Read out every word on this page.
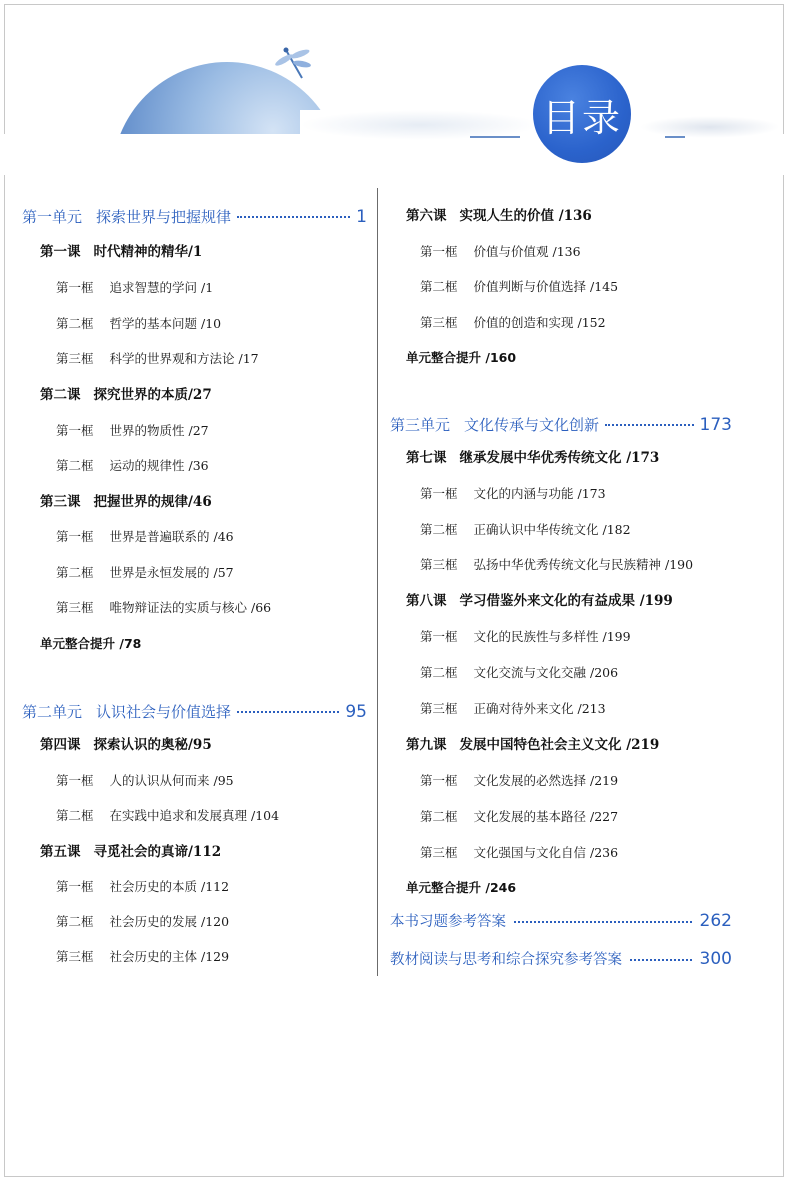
目录
第一单元 探索世界与把握规律	1
第一课 时代精神的精华/1
第一框 追求智慧的学问 /1
第二框 哲学的基本问题 /10
第三框 科学的世界观和方法论 /17
第二课 探究世界的本质/27
第一框 世界的物质性 /27
第二框 运动的规律性 /36
第三课 把握世界的规律/46
第一框 世界是普遍联系的 /46
第二框 世界是永恒发展的 /57
第三框 唯物辩证法的实质与核心 /66
单元整合提升 /78
第二单元 认识社会与价值选择	95
第四课 探索认识的奥秘/95
第一框 人的认识从何而来 /95
第二框 在实践中追求和发展真理 /104
第五课 寻觅社会的真谛/112
第一框 社会历史的本质 /112
第二框 社会历史的发展 /120
第三框 社会历史的主体 /129
第六课 实现人生的价值 /136
第一框 价值与价值观 /136
第二框 价值判断与价值选择 /145
第三框 价值的创造和实现 /152
单元整合提升 /160
第三单元 文化传承与文化创新	173
第七课 继承发展中华优秀传统文化 /173
第一框 文化的内涵与功能 /173
第二框 正确认识中华传统文化 /182
第三框 弘扬中华优秀传统文化与民族精神 /190
第八课 学习借鉴外来文化的有益成果 /199
第一框 文化的民族性与多样性 /199
第二框 文化交流与文化交融 /206
第三框 正确对待外来文化 /213
第九课 发展中国特色社会主义文化 /219
第一框 文化发展的必然选择 /219
第二框 文化发展的基本路径 /227
第三框 文化强国与文化自信 /236
单元整合提升 /246
本书习题参考答案	262
教材阅读与思考和综合探究参考答案	300
